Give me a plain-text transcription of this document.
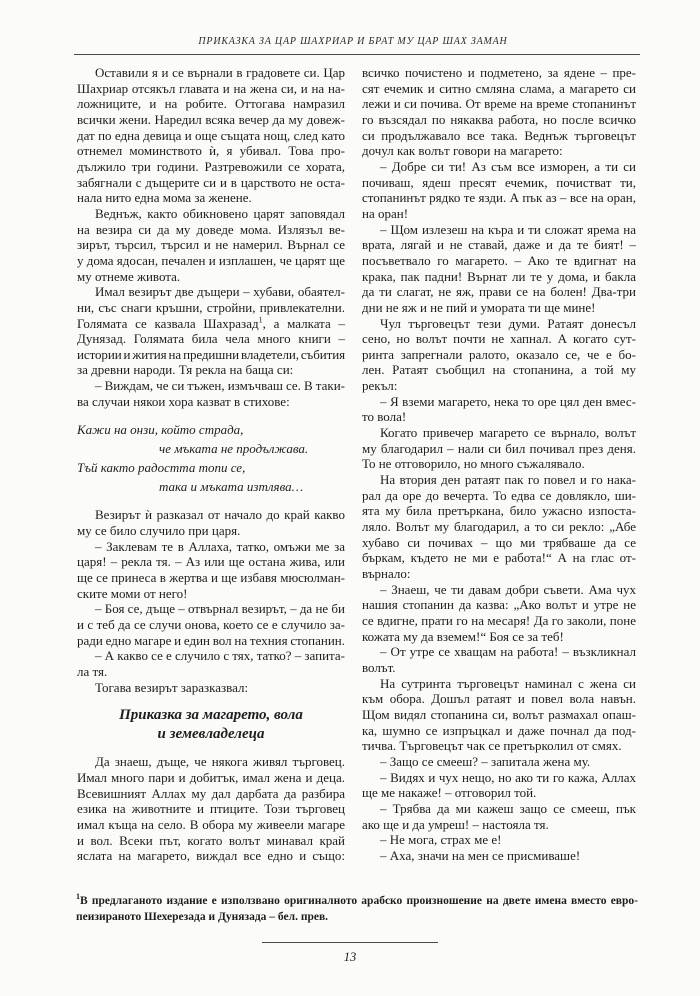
ПРИКАЗКА ЗА ЦАР ШАХРИАР И БРАТ МУ ЦАР ШАХ ЗАМАН
Оставили я и се върнали в градовете си. Цар
Шахриар отсякъл главата и на жена си, и на на-
ложниците, и на робите. Оттогава намразил
всички жени. Наредил всяка вечер да му довеж-
дат по една девица и още същата нощ, след като
отнемел моминството ѝ, я убивал. Това про-
дължило три години. Разтревожили се хората,
забягнали с дъщерите си и в царството не оста-
нала нито една мома за женене.
Веднъж, както обикновено царят заповядал
на везира си да му доведе мома. Излязъл ве-
зирът, търсил, търсил и не намерил. Върнал се
у дома ядосан, печален и изплашен, че царят ще
му отнеме живота.
Имал везирът две дъщери – хубави, обаятел-
ни, със снаги кръшни, стройни, привлекателни.
Голямата се казвала Шахразад$^1$, а малката –
Дунязад. Голямата била чела много книги –
истории и жития на предишни владетели, събития
за древни народи. Тя рекла на баща си:
– Виждам, че си тъжен, измъчваш се. В таки-
ва случаи някои хора казват в стихове:
Кажи на онзи, който страда,
че мъката не продължава.
Тъй както радостта топи се,
така и мъката изтлява…
Везирът ѝ разказал от начало до край какво
му се било случило при царя.
– Заклевам те в Аллаха, татко, омъжи ме за
царя! – рекла тя. – Аз или ще остана жива, или
ще се принеса в жертва и ще избавя мюсюлман-
ските моми от него!
– Боя се, дъще – отвърнал везирът, – да не би
и с теб да се случи онова, което се е случило за-
ради едно магаре и един вол на техния стопанин.
– А какво се е случило с тях, татко? – запита-
ла тя.
Тогава везирът заразказвал:
Приказка за магарето, вола
и земевладелеца
Да знаеш, дъще, че някога живял търговец.
Имал много пари и добитък, имал жена и деца.
Всевишният Аллах му дал дарбата да разбира
езика на животните и птиците. Този търговец
имал къща на село. В обора му живеели магаре
и вол. Всеки път, когато волът минавал край
яслата на магарето, виждал все едно и също:
всичко почистено и подметено, за ядене – пре-
сят ечемик и ситно смляна слама, а магарето си
лежи и си почива. От време на време стопанинът
го възсядал по някаква работа, но после всичко
си продължавало все така. Веднъж търговецът
дочул как волът говори на магарето:
– Добре си ти! Аз съм все изморен, а ти си
почиваш, ядеш пресят ечемик, почистват ти,
стопанинът рядко те язди. А пък аз – все на оран,
на оран!
– Щом излезеш на къра и ти сложат ярема на
врата, лягай и не ставай, даже и да те бият! –
посъветвало го магарето. – Ако те вдигнат на
крака, пак падни! Върнат ли те у дома, и бакла
да ти слагат, не яж, прави се на болен! Два-три
дни не яж и не пий и умората ти ще мине!
Чул търговецът тези думи. Ратаят донесъл
сено, но волът почти не хапнал. А когато сут-
ринта запрегнали ралото, оказало се, че е бо-
лен. Ратаят съобщил на стопанина, а той му
рекъл:
– Я вземи магарето, нека то оре цял ден вмес-
то вола!
Когато привечер магарето се върнало, волът
му благодарил – нали си бил почивал през деня.
То не отговорило, но много съжалявало.
На втория ден ратаят пак го повел и го нака-
рал да оре до вечерта. То едва се довлякло, ши-
ята му била претъркана, било ужасно изпоста-
ляло. Волът му благодарил, а то си рекло: „Абе
хубаво си почивах – що ми трябваше да се
бъркам, където не ми е работа!“ А на глас от-
върнало:
– Знаеш, че ти давам добри съвети. Ама чух
нашия стопанин да казва: „Ако волът и утре не
се вдигне, прати го на месаря! Да го заколи, поне
кожата му да вземем!“ Боя се за теб!
– От утре се хващам на работа! – възкликнал
волът.
На сутринта търговецът наминал с жена си
към обора. Дошъл ратаят и повел вола навън.
Щом видял стопанина си, волът размахал опаш-
ка, шумно се изпръцкал и даже почнал да под-
тичва. Търговецът чак се претърколил от смях.
– Защо се смееш? – запитала жена му.
– Видях и чух нещо, но ако ти го кажа, Аллах
ще ме накаже! – отговорил той.
– Трябва да ми кажеш защо се смееш, пък
ако ще и да умреш! – настояла тя.
– Не мога, страх ме е!
– Аха, значи на мен се присмиваше!
$^1$В предлаганото издание е използвано оригиналното арабско произношение на двете имена вместо евро-
пеизираното Шехерезада и Дунязада – бел. прев.
13
